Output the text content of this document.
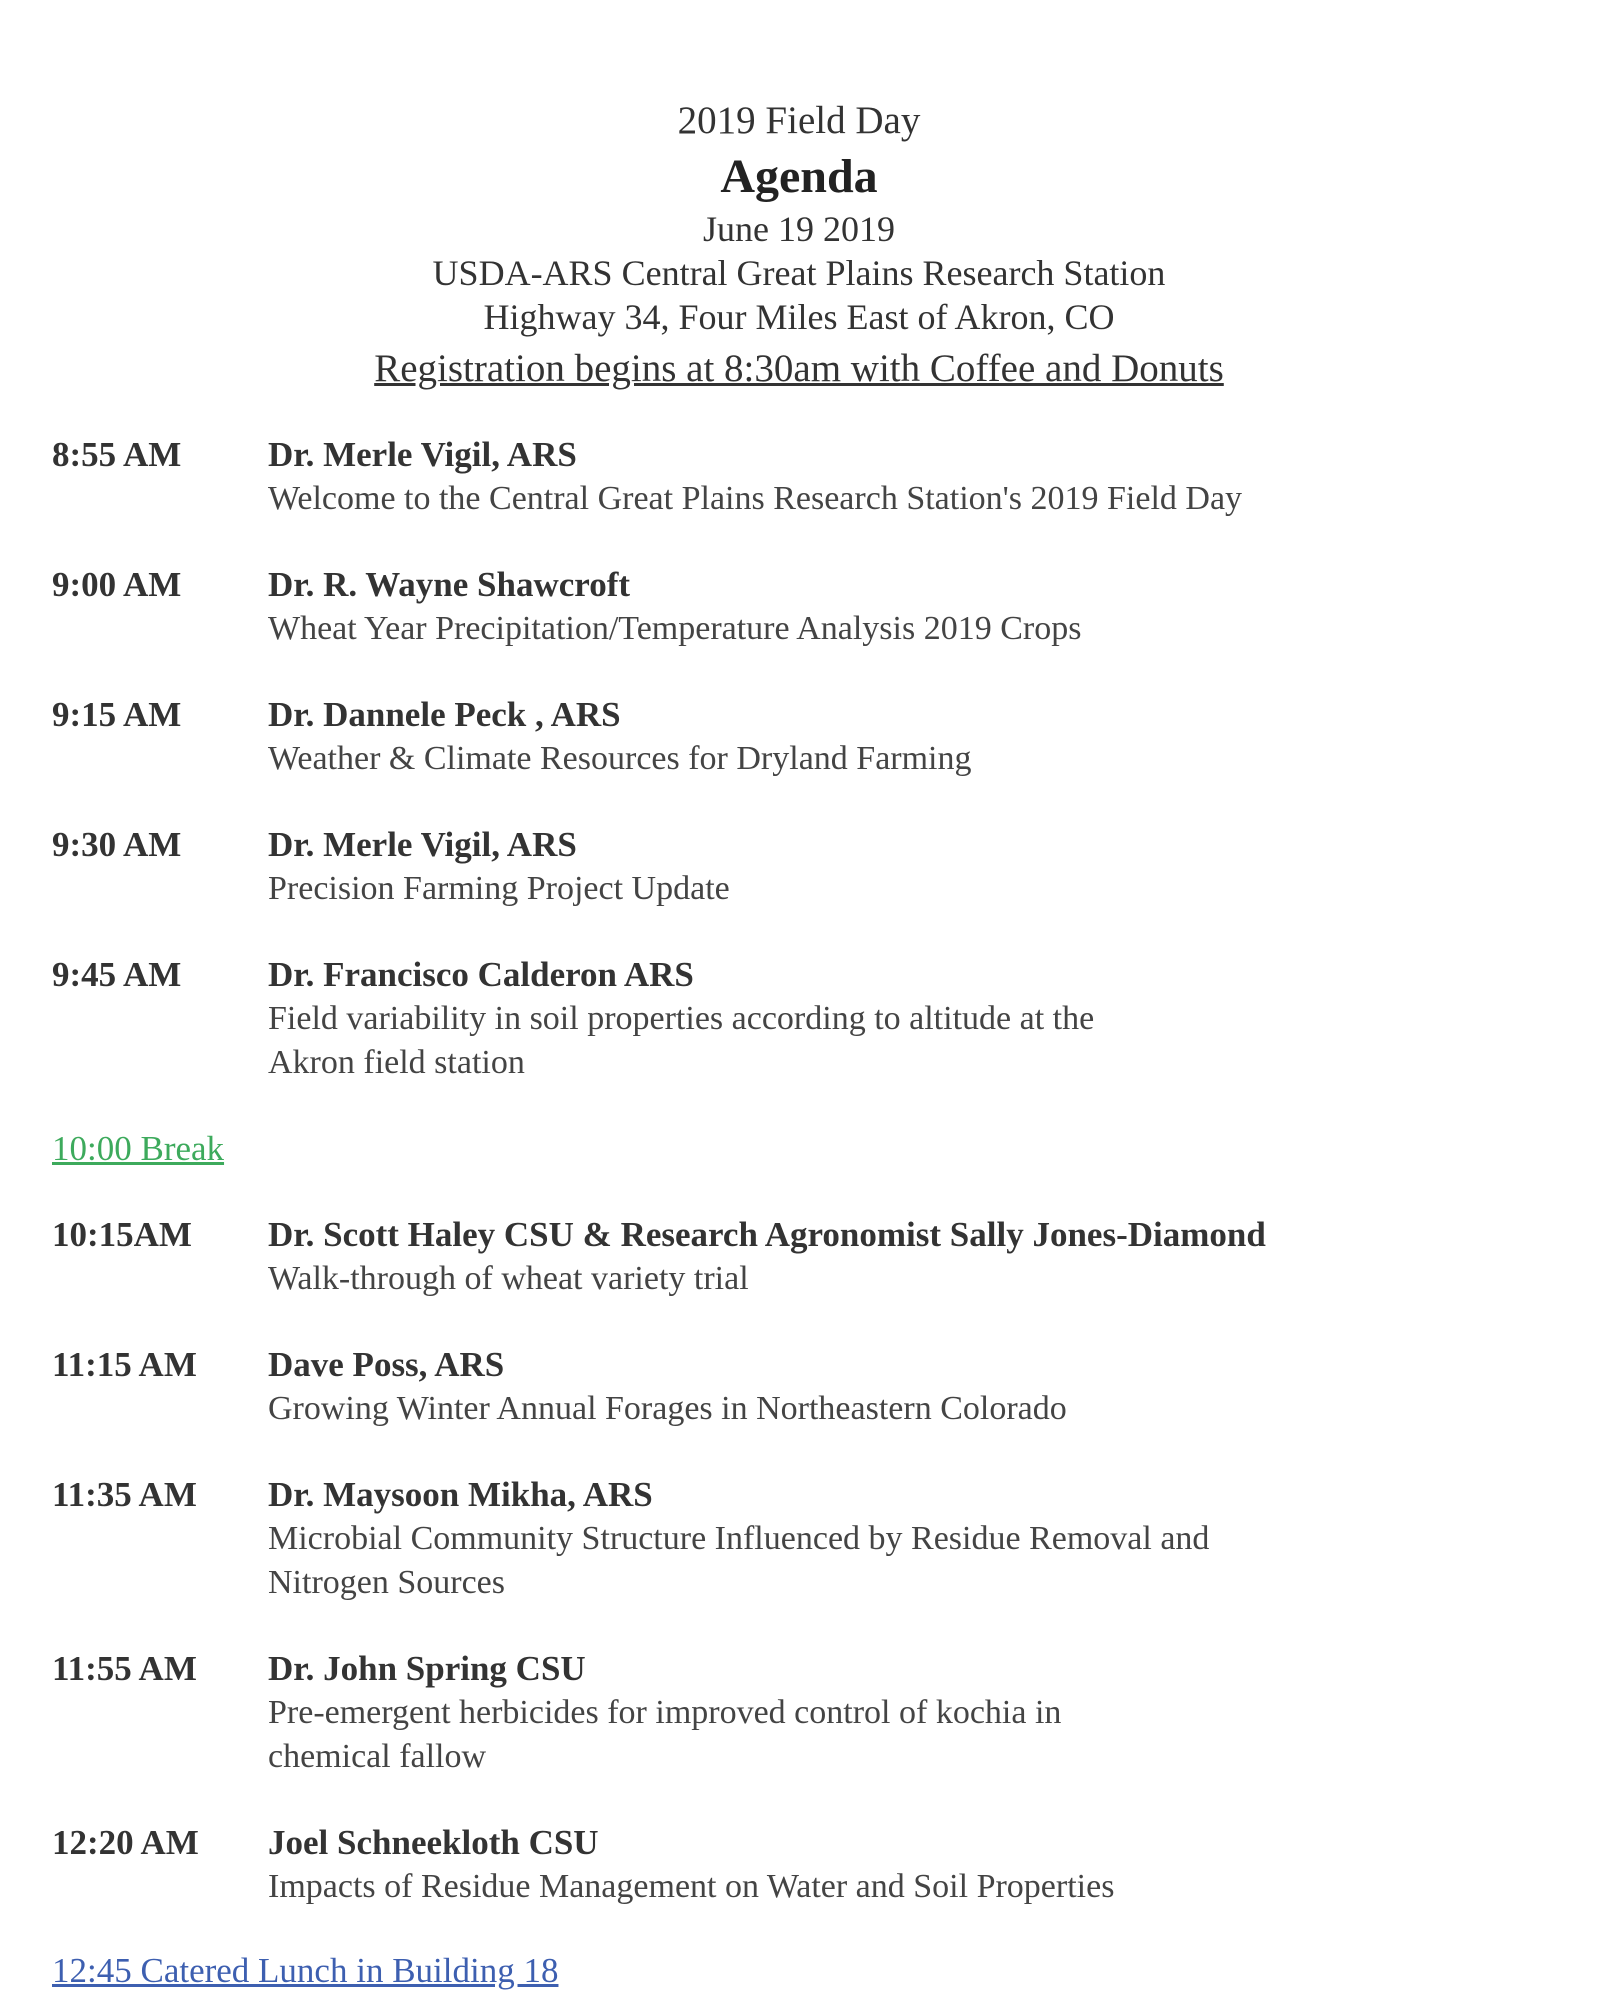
2019 Field Day
Agenda
June 19 2019
USDA-ARS Central Great Plains Research Station
Highway 34, Four Miles East of Akron, CO
Registration begins at 8:30am with Coffee and Donuts
8:55 AM	Dr. Merle Vigil, ARS
Welcome to the Central Great Plains Research Station's 2019 Field Day
9:00 AM	Dr. R. Wayne Shawcroft
Wheat Year Precipitation/Temperature Analysis 2019 Crops
9:15 AM	Dr. Dannele Peck , ARS
Weather & Climate Resources for Dryland Farming
9:30 AM	Dr. Merle Vigil, ARS
Precision Farming Project Update
9:45 AM	Dr. Francisco Calderon ARS
Field variability in soil properties according to altitude at the
Akron field station
10:00 Break
10:15AM	Dr. Scott Haley CSU & Research Agronomist Sally Jones-Diamond
Walk-through of wheat variety trial
11:15 AM	Dave Poss, ARS
Growing Winter Annual Forages in Northeastern Colorado
11:35 AM	Dr. Maysoon Mikha, ARS
Microbial Community Structure Influenced by Residue Removal and
Nitrogen Sources
11:55 AM	Dr. John Spring CSU
Pre-emergent herbicides for improved control of kochia in
chemical fallow
12:20 AM	Joel Schneekloth CSU
Impacts of Residue Management on Water and Soil Properties
12:45 Catered Lunch in Building 18
